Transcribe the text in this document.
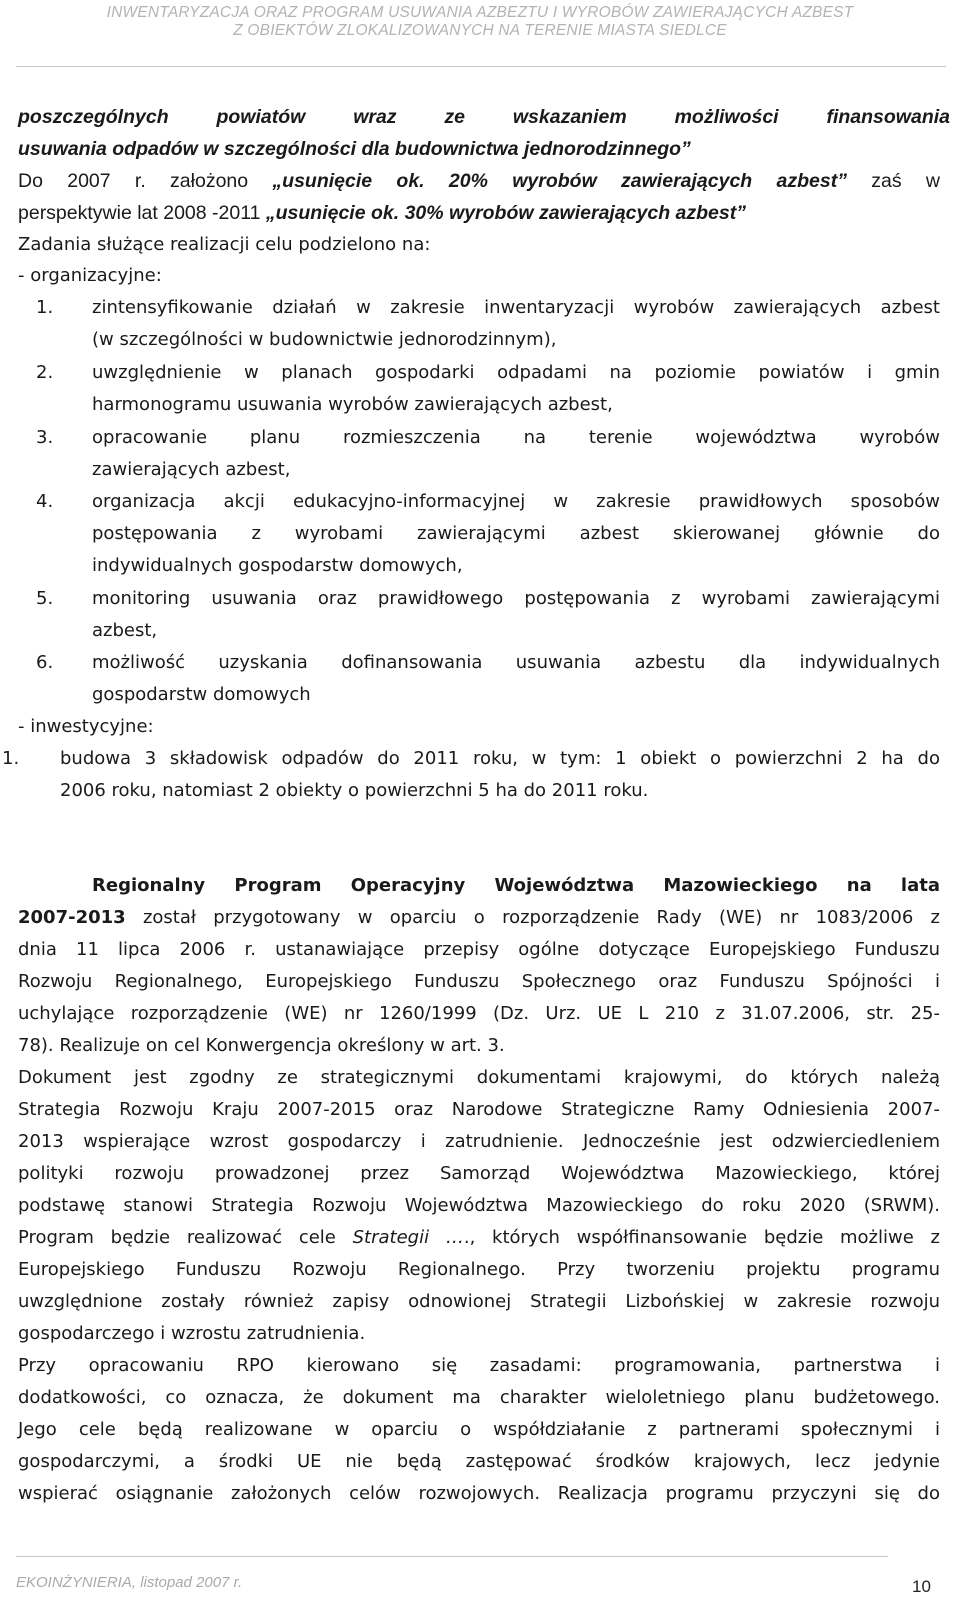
INWENTARYZACJA ORAZ PROGRAM USUWANIA AZBEZTU I WYROBÓW ZAWIERAJĄCYCH AZBEST
Z OBIEKTÓW ZLOKALIZOWANYCH NA TERENIE MIASTA SIEDLCE
poszczególnych powiatów wraz ze wskazaniem możliwości finansowania
usuwania odpadów w szczególności dla budownictwa jednorodzinnego”
Do 2007 r. założono „usunięcie ok. 20% wyrobów zawierających azbest” zaś w
perspektywie lat 2008 -2011 „usunięcie ok. 30% wyrobów zawierających azbest”
Zadania służące realizacji celu podzielono na:
- organizacyjne:
1. zintensyfikowanie działań w zakresie inwentaryzacji wyrobów zawierających azbest
(w szczególności w budownictwie jednorodzinnym),
2. uwzględnienie w planach gospodarki odpadami na poziomie powiatów i gmin
harmonogramu usuwania wyrobów zawierających azbest,
3. opracowanie planu rozmieszczenia na terenie województwa wyrobów
zawierających azbest,
4. organizacja akcji edukacyjno-informacyjnej w zakresie prawidłowych sposobów
postępowania z wyrobami zawierającymi azbest skierowanej głównie do
indywidualnych gospodarstw domowych,
5. monitoring usuwania oraz prawidłowego postępowania z wyrobami zawierającymi
azbest,
6. możliwość uzyskania dofinansowania usuwania azbestu dla indywidualnych
gospodarstw domowych
- inwestycyjne:
1. budowa 3 składowisk odpadów do 2011 roku, w tym: 1 obiekt o powierzchni 2 ha do
2006 roku, natomiast 2 obiekty o powierzchni 5 ha do 2011 roku.
Regionalny Program Operacyjny Województwa Mazowieckiego na lata
2007-2013 został przygotowany w oparciu o rozporządzenie Rady (WE) nr 1083/2006 z
dnia 11 lipca 2006 r. ustanawiające przepisy ogólne dotyczące Europejskiego Funduszu
Rozwoju Regionalnego, Europejskiego Funduszu Społecznego oraz Funduszu Spójności i
uchylające rozporządzenie (WE) nr 1260/1999 (Dz. Urz. UE L 210 z 31.07.2006, str. 25-
78). Realizuje on cel Konwergencja określony w art. 3.
Dokument jest zgodny ze strategicznymi dokumentami krajowymi, do których należą
Strategia Rozwoju Kraju 2007-2015 oraz Narodowe Strategiczne Ramy Odniesienia 2007-
2013 wspierające wzrost gospodarczy i zatrudnienie. Jednocześnie jest odzwierciedleniem
polityki rozwoju prowadzonej przez Samorząd Województwa Mazowieckiego, której
podstawę stanowi Strategia Rozwoju Województwa Mazowieckiego do roku 2020 (SRWM).
Program będzie realizować cele Strategii …., których współfinansowanie będzie możliwe z
Europejskiego Funduszu Rozwoju Regionalnego. Przy tworzeniu projektu programu
uwzględnione zostały również zapisy odnowionej Strategii Lizbońskiej w zakresie rozwoju
gospodarczego i wzrostu zatrudnienia.
Przy opracowaniu RPO kierowano się zasadami: programowania, partnerstwa i
dodatkowości, co oznacza, że dokument ma charakter wieloletniego planu budżetowego.
Jego cele będą realizowane w oparciu o współdziałanie z partnerami społecznymi i
gospodarczymi, a środki UE nie będą zastępować środków krajowych, lecz jedynie
wspierać osiągnanie założonych celów rozwojowych. Realizacja programu przyczyni się do
EKOINŻYNIERIA, listopad 2007 r.	10
